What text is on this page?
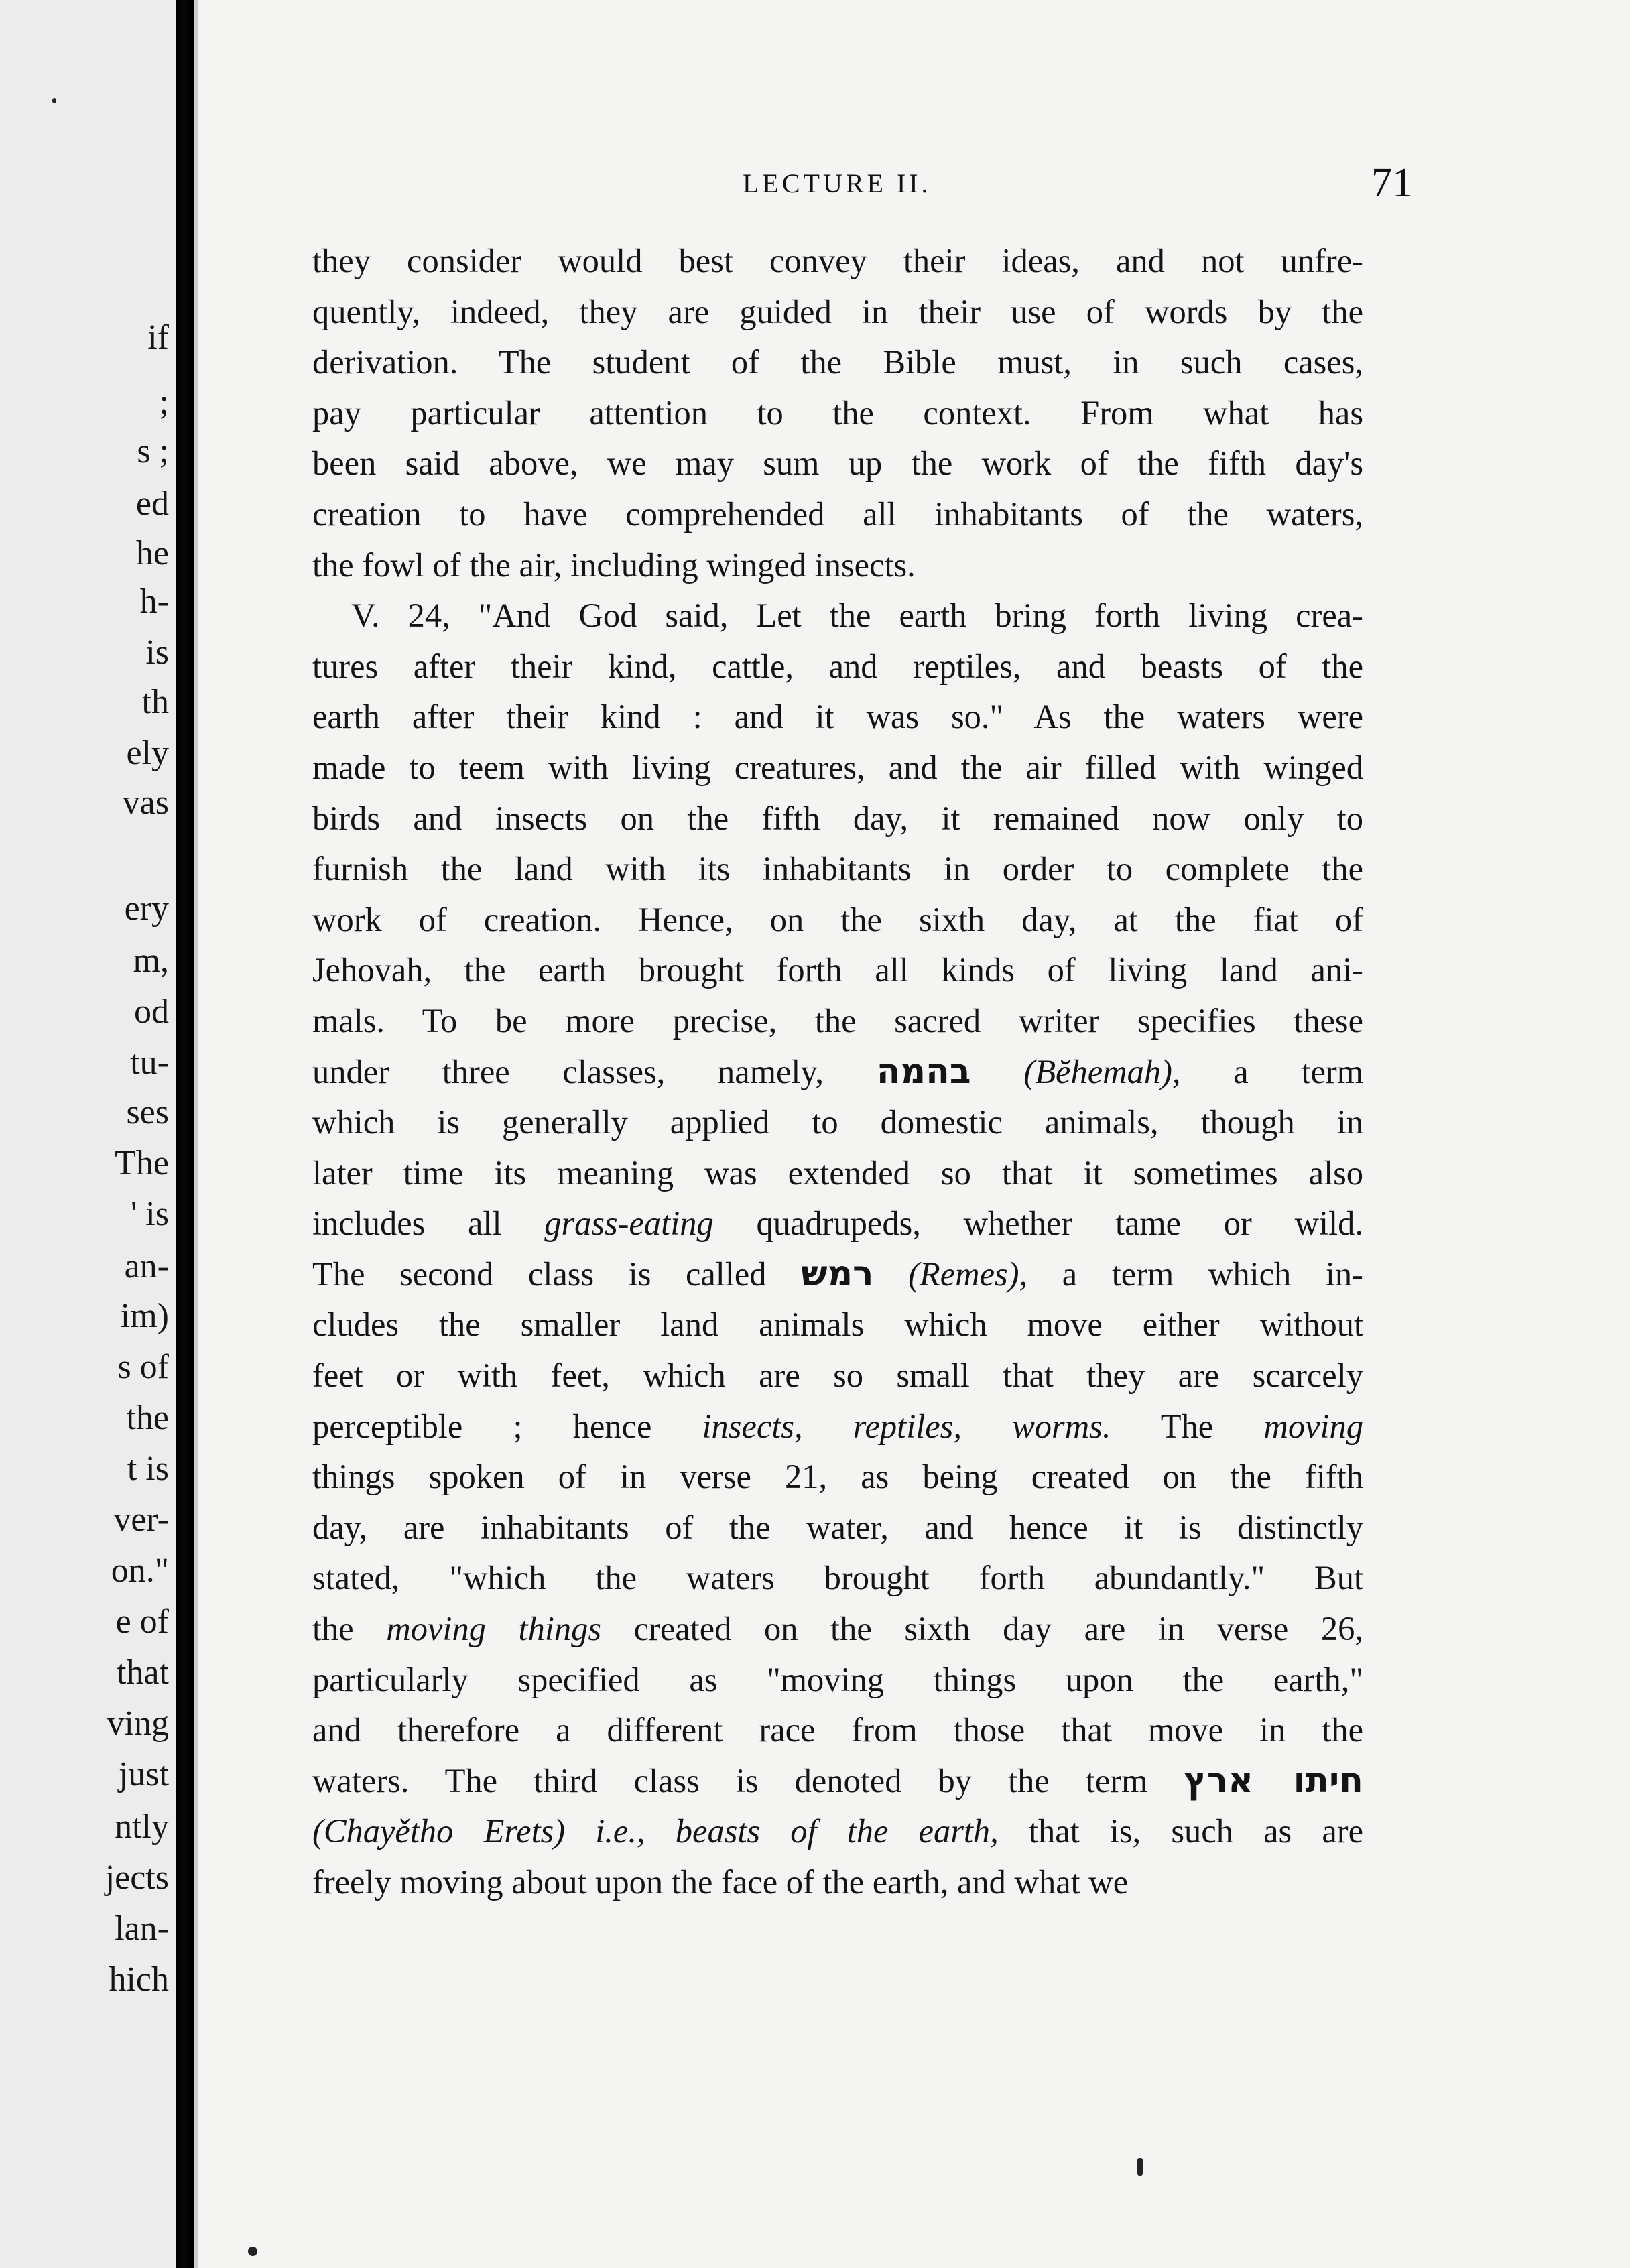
if
;
s ;
ed
he
h-
is
th
ely
vas
ery
m,
od
tu-
ses
The
' is
an-
im)
s of
the
t is
ver-
on."
e of
that
ving
just
ntly
jects
lan-
hich
LECTURE II.	71
they consider would best convey their ideas, and not unfre-
quently, indeed, they are guided in their use of words by the
derivation. The student of the Bible must, in such cases,
pay particular attention to the context. From what has
been said above, we may sum up the work of the fifth day's
creation to have comprehended all inhabitants of the waters,
the fowl of the air, including winged insects.
V. 24, "And God said, Let the earth bring forth living crea-
tures after their kind, cattle, and reptiles, and beasts of the
earth after their kind : and it was so." As the waters were
made to teem with living creatures, and the air filled with winged
birds and insects on the fifth day, it remained now only to
furnish the land with its inhabitants in order to complete the
work of creation. Hence, on the sixth day, at the fiat of
Jehovah, the earth brought forth all kinds of living land ani-
mals. To be more precise, the sacred writer specifies these
under three classes, namely, בהמה (Bĕhemah), a term
which is generally applied to domestic animals, though in
later time its meaning was extended so that it sometimes also
includes all grass-eating quadrupeds, whether tame or wild.
The second class is called רמש (Remes), a term which in-
cludes the smaller land animals which move either without
feet or with feet, which are so small that they are scarcely
perceptible ; hence insects, reptiles, worms. The moving
things spoken of in verse 21, as being created on the fifth
day, are inhabitants of the water, and hence it is distinctly
stated, "which the waters brought forth abundantly." But
the moving things created on the sixth day are in verse 26,
particularly specified as "moving things upon the earth,"
and therefore a different race from those that move in the
waters. The third class is denoted by the term חיתו ארץ
(Chayětho Erets) i.e., beasts of the earth, that is, such as are
freely moving about upon the face of the earth, and what we
